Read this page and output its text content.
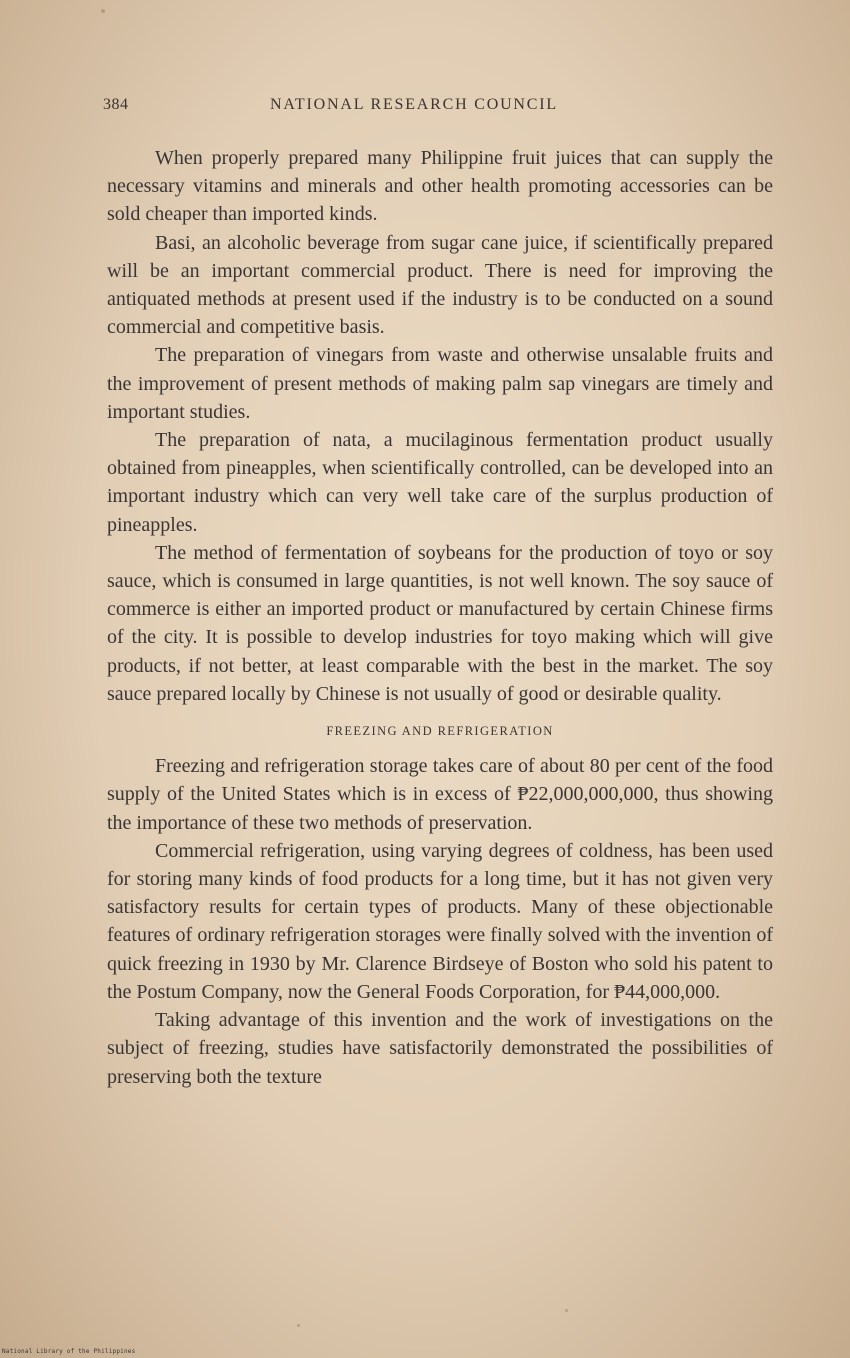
384	NATIONAL RESEARCH COUNCIL

When properly prepared many Philippine fruit juices that can supply the necessary vitamins and minerals and other health promoting accessories can be sold cheaper than imported kinds.

Basi, an alcoholic beverage from sugar cane juice, if scientifically prepared will be an important commercial product. There is need for improving the antiquated methods at present used if the industry is to be conducted on a sound commercial and competitive basis.

The preparation of vinegars from waste and otherwise unsalable fruits and the improvement of present methods of making palm sap vinegars are timely and important studies.

The preparation of nata, a mucilaginous fermentation product usually obtained from pineapples, when scientifically controlled, can be developed into an important industry which can very well take care of the surplus production of pineapples.

The method of fermentation of soybeans for the production of toyo or soy sauce, which is consumed in large quantities, is not well known. The soy sauce of commerce is either an imported product or manufactured by certain Chinese firms of the city. It is possible to develop industries for toyo making which will give products, if not better, at least comparable with the best in the market. The soy sauce prepared locally by Chinese is not usually of good or desirable quality.

FREEZING AND REFRIGERATION

Freezing and refrigeration storage takes care of about 80 per cent of the food supply of the United States which is in excess of ₱22,000,000,000, thus showing the importance of these two methods of preservation.

Commercial refrigeration, using varying degrees of coldness, has been used for storing many kinds of food products for a long time, but it has not given very satisfactory results for certain types of products. Many of these objectionable features of ordinary refrigeration storages were finally solved with the invention of quick freezing in 1930 by Mr. Clarence Birdseye of Boston who sold his patent to the Postum Company, now the General Foods Corporation, for ₱44,000,000.

Taking advantage of this invention and the work of investigations on the subject of freezing, studies have satisfactorily demonstrated the possibilities of preserving both the texture

National Library of the Philippines
